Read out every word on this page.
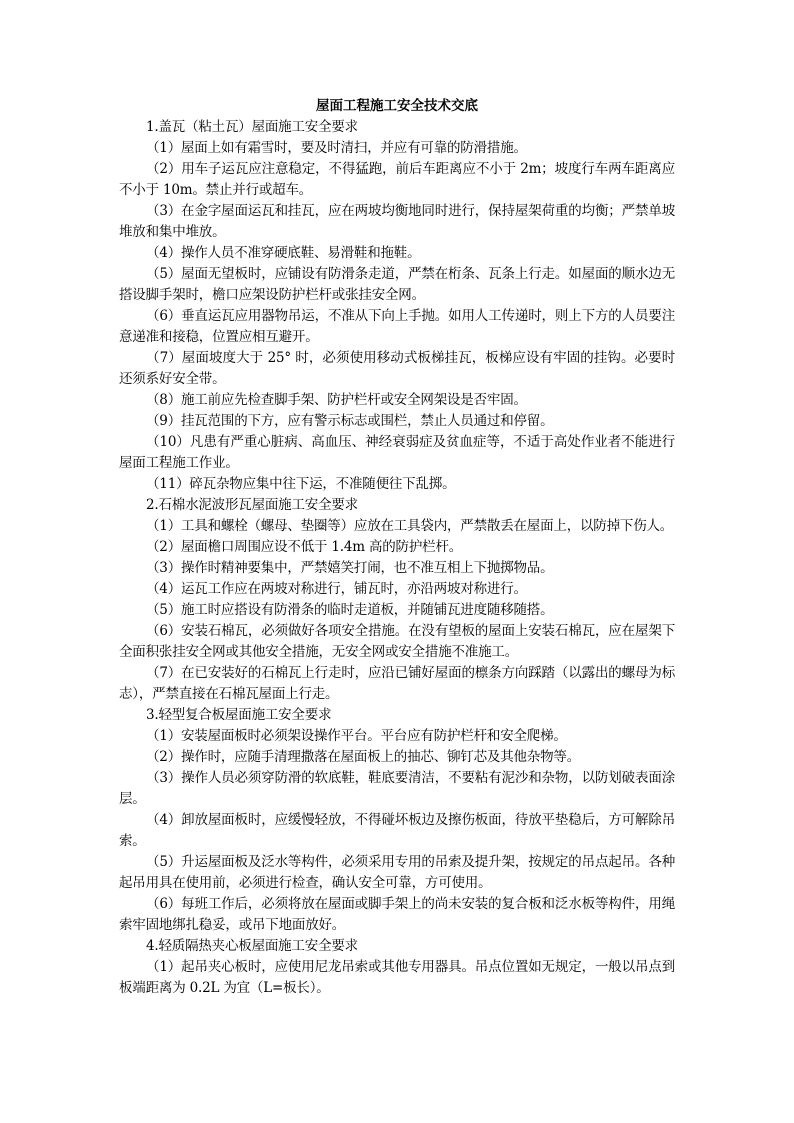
屋面工程施工安全技术交底

1.盖瓦（粘土瓦）屋面施工安全要求

（1）屋面上如有霜雪时，要及时清扫，并应有可靠的防滑措施。

（2）用车子运瓦应注意稳定，不得猛跑，前后车距离应不小于 2m；坡度行车两车距离应不小于 10m。禁止并行或超车。

（3）在金字屋面运瓦和挂瓦，应在两坡均衡地同时进行，保持屋架荷重的均衡；严禁单坡堆放和集中堆放。

（4）操作人员不准穿硬底鞋、易滑鞋和拖鞋。

（5）屋面无望板时，应铺设有防滑条走道，严禁在桁条、瓦条上行走。如屋面的顺水边无搭设脚手架时，檐口应架设防护栏杆或张挂安全网。

（6）垂直运瓦应用器物吊运，不准从下向上手抛。如用人工传递时，则上下方的人员要注意递准和接稳，位置应相互避开。

（7）屋面坡度大于 25° 时，必须使用移动式板梯挂瓦，板梯应设有牢固的挂钩。必要时还须系好安全带。

（8）施工前应先检查脚手架、防护栏杆或安全网架设是否牢固。

（9）挂瓦范围的下方，应有警示标志或围栏，禁止人员通过和停留。

（10）凡患有严重心脏病、高血压、神经衰弱症及贫血症等，不适于高处作业者不能进行屋面工程施工作业。

（11）碎瓦杂物应集中往下运，不准随便往下乱掷。

2.石棉水泥波形瓦屋面施工安全要求

（1）工具和螺栓（螺母、垫圈等）应放在工具袋内，严禁散丢在屋面上，以防掉下伤人。

（2）屋面檐口周围应设不低于 1.4m 高的防护栏杆。

（3）操作时精神要集中，严禁嬉笑打闹，也不准互相上下抛掷物品。

（4）运瓦工作应在两坡对称进行，铺瓦时，亦沿两坡对称进行。

（5）施工时应搭设有防滑条的临时走道板，并随铺瓦进度随移随搭。

（6）安装石棉瓦，必须做好各项安全措施。在没有望板的屋面上安装石棉瓦，应在屋架下全面积张挂安全网或其他安全措施，无安全网或安全措施不准施工。

（7）在已安装好的石棉瓦上行走时，应沿已铺好屋面的檩条方向踩踏（以露出的螺母为标志），严禁直接在石棉瓦屋面上行走。

3.轻型复合板屋面施工安全要求

（1）安装屋面板时必须架设操作平台。平台应有防护栏杆和安全爬梯。

（2）操作时，应随手清理撒落在屋面板上的抽芯、铆钉芯及其他杂物等。

（3）操作人员必须穿防滑的软底鞋，鞋底要清洁，不要粘有泥沙和杂物，以防划破表面涂层。

（4）卸放屋面板时，应缓慢轻放，不得碰坏板边及擦伤板面，待放平垫稳后，方可解除吊索。

（5）升运屋面板及泛水等构件，必须采用专用的吊索及提升架，按规定的吊点起吊。各种起吊用具在使用前，必须进行检查，确认安全可靠，方可使用。

（6）每班工作后，必须将放在屋面或脚手架上的尚未安装的复合板和泛水板等构件，用绳索牢固地绑扎稳妥，或吊下地面放好。

4.轻质隔热夹心板屋面施工安全要求

（1）起吊夹心板时，应使用尼龙吊索或其他专用器具。吊点位置如无规定，一般以吊点到板端距离为 0.2L 为宜（L=板长）。
